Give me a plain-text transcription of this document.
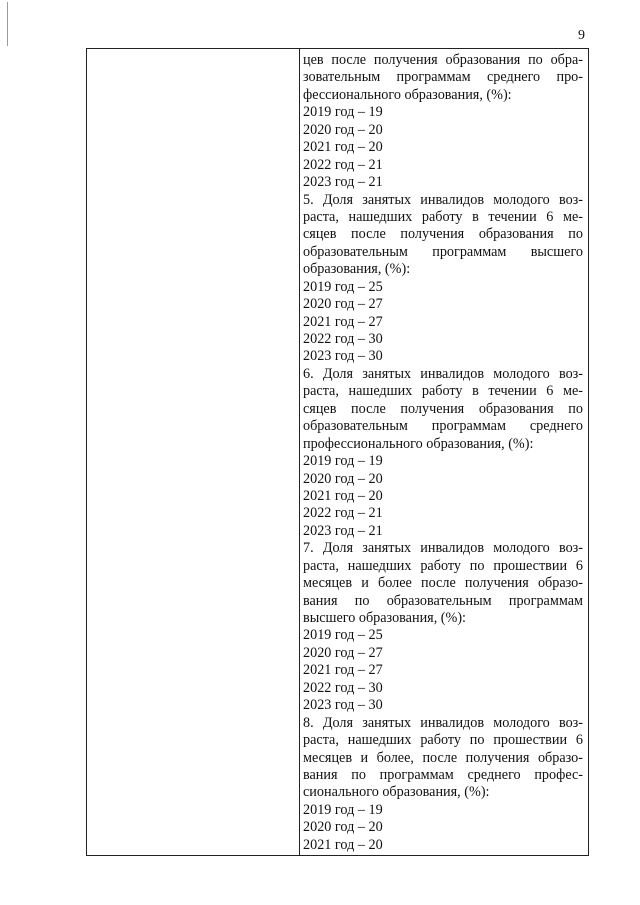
9
цев после получения образования по обра-
зовательным программам среднего про-
фессионального образования, (%):
2019 год – 19
2020 год – 20
2021 год – 20
2022 год – 21
2023 год – 21
5. Доля занятых инвалидов молодого воз-
раста, нашедших работу в течении 6 ме-
сяцев после получения образования по
образовательным программам высшего
образования, (%):
2019 год – 25
2020 год – 27
2021 год – 27
2022 год – 30
2023 год – 30
6. Доля занятых инвалидов молодого воз-
раста, нашедших работу в течении 6 ме-
сяцев после получения образования по
образовательным программам среднего
профессионального образования, (%):
2019 год – 19
2020 год – 20
2021 год – 20
2022 год – 21
2023 год – 21
7. Доля занятых инвалидов молодого воз-
раста, нашедших работу по прошествии 6
месяцев и более после получения образо-
вания по образовательным программам
высшего образования, (%):
2019 год – 25
2020 год – 27
2021 год – 27
2022 год – 30
2023 год – 30
8. Доля занятых инвалидов молодого воз-
раста, нашедших работу по прошествии 6
месяцев и более, после получения образо-
вания по программам среднего профес-
сионального образования, (%):
2019 год – 19
2020 год – 20
2021 год – 20
